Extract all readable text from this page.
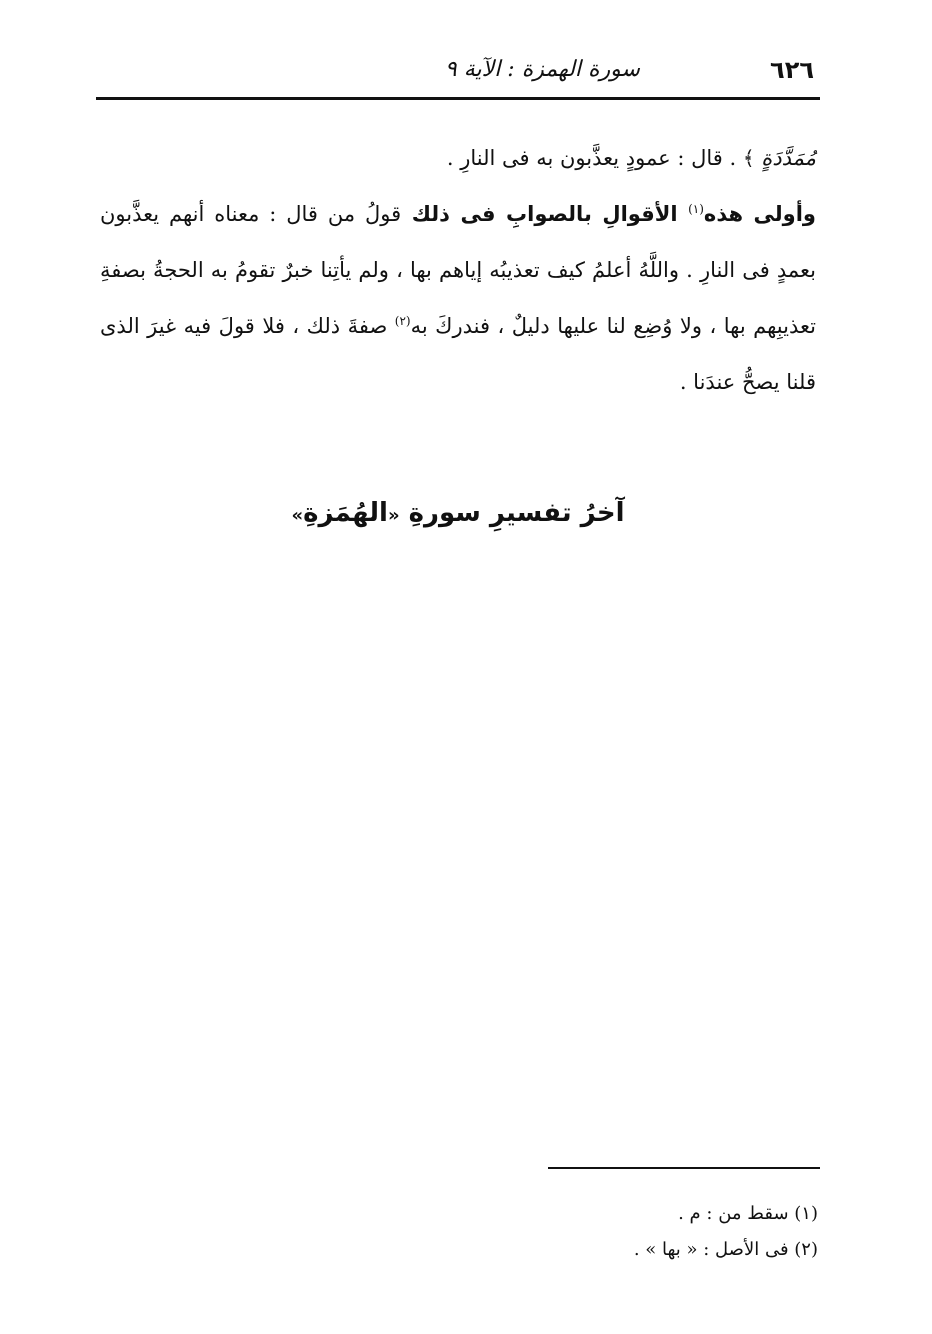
٦٢٦
سورة الهمزة : الآية ٩

مُمَدَّدَةٍ ﴾ . قال : عمودٍ يعذَّبون به فى النارِ .

وأولى هذه$^{(١)}$ الأقوالِ بالصوابِ فى ذلك قولُ من قال : معناه أنهم يعذَّبون بعمدٍ فى النارِ . واللَّهُ أعلمُ كيف تعذيبُه إياهم بها ، ولم يأتِنا خبرٌ تقومُ به الحجةُ بصفةِ تعذيبِهم بها ، ولا وُضِع لنا عليها دليلٌ ، فندركَ به$^{(٢)}$ صفةَ ذلك ، فلا قولَ فيه غيرَ الذى قلنا يصحُّ عندَنا .

آخرُ تفسيرِ سورةِ «الهُمَزةِ»
(١) سقط من : م .
(٢) فى الأصل : « بها » .
